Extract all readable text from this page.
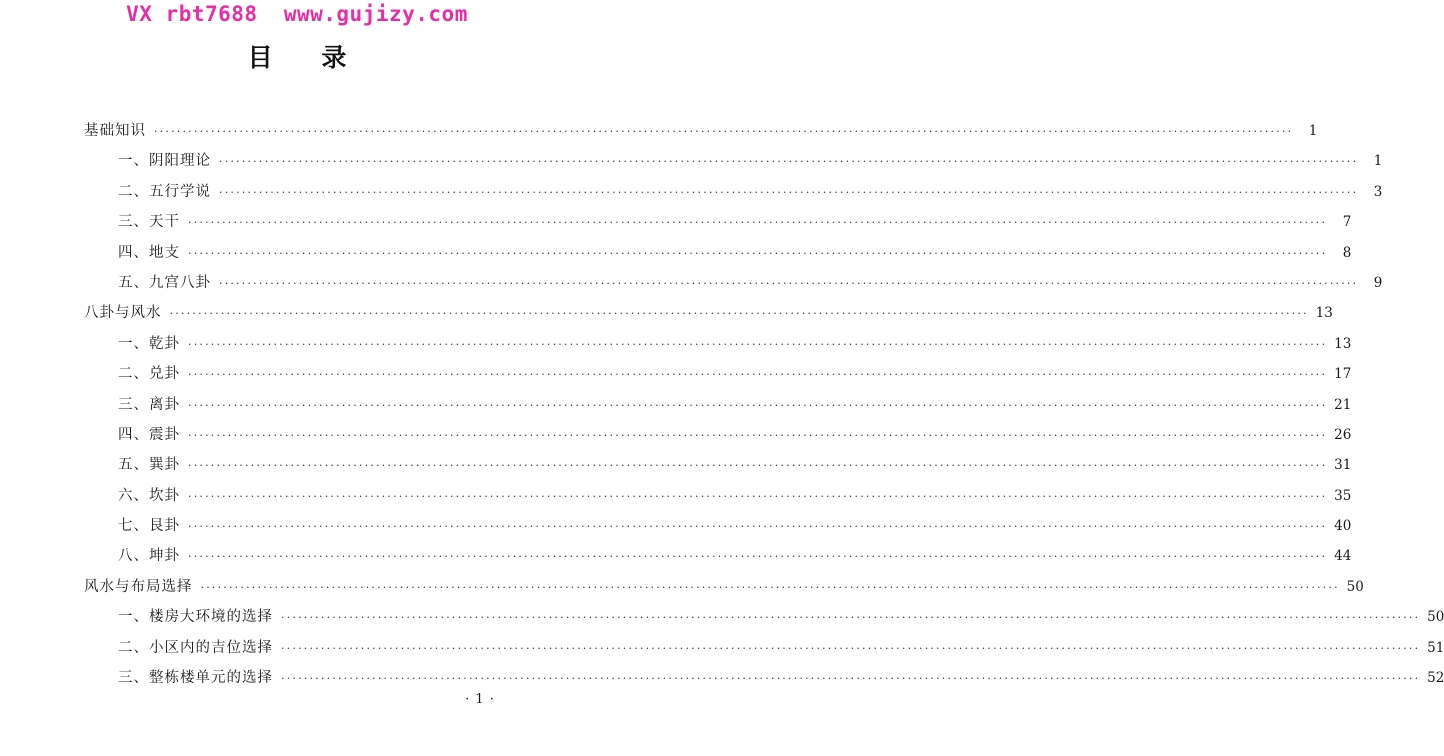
VX rbt7688  www.gujizy.com
目 录
基础知识 ········································································································································································································	1
一、阴阳理论 ········································································································································································································	1
二、五行学说 ········································································································································································································	3
三、天干 ········································································································································································································	7
四、地支 ········································································································································································································	8
五、九宫八卦 ········································································································································································································	9
八卦与风水 ········································································································································································································ 13
一、乾卦 ········································································································································································································ 13
二、兑卦 ········································································································································································································ 17
三、离卦 ········································································································································································································ 21
四、震卦 ········································································································································································································ 26
五、巽卦 ········································································································································································································ 31
六、坎卦 ········································································································································································································ 35
七、艮卦 ········································································································································································································ 40
八、坤卦 ········································································································································································································ 44
风水与布局选择 ········································································································································································································ 50
一、楼房大环境的选择 ········································································································································································································ 50
二、小区内的吉位选择 ········································································································································································································ 51
三、整栋楼单元的选择 ········································································································································································································ 52
· 1 ·
